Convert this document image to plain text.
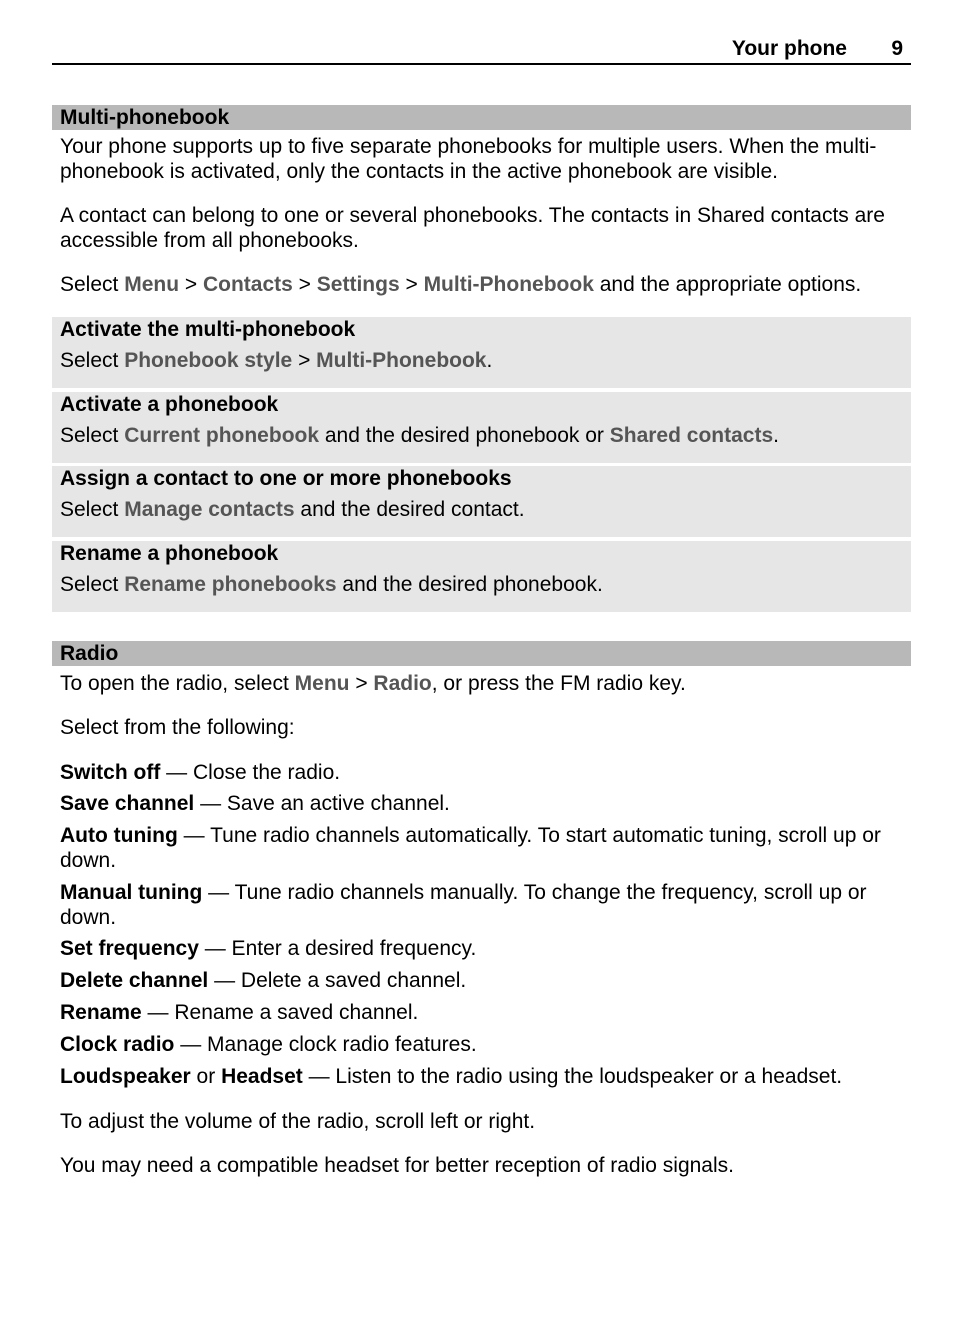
Your phone 9
Multi-phonebook
Your phone supports up to five separate phonebooks for multiple users. When the multi-phonebook is activated, only the contacts in the active phonebook are visible.
A contact can belong to one or several phonebooks. The contacts in Shared contacts are accessible from all phonebooks.
Select Menu > Contacts > Settings > Multi-Phonebook and the appropriate options.
Activate the multi-phonebook
Select Phonebook style > Multi-Phonebook.
Activate a phonebook
Select Current phonebook and the desired phonebook or Shared contacts.
Assign a contact to one or more phonebooks
Select Manage contacts and the desired contact.
Rename a phonebook
Select Rename phonebooks and the desired phonebook.
Radio
To open the radio, select Menu > Radio, or press the FM radio key.
Select from the following:
Switch off — Close the radio.
Save channel — Save an active channel.
Auto tuning — Tune radio channels automatically. To start automatic tuning, scroll up or down.
Manual tuning — Tune radio channels manually. To change the frequency, scroll up or down.
Set frequency — Enter a desired frequency.
Delete channel — Delete a saved channel.
Rename — Rename a saved channel.
Clock radio — Manage clock radio features.
Loudspeaker or Headset — Listen to the radio using the loudspeaker or a headset.
To adjust the volume of the radio, scroll left or right.
You may need a compatible headset for better reception of radio signals.
